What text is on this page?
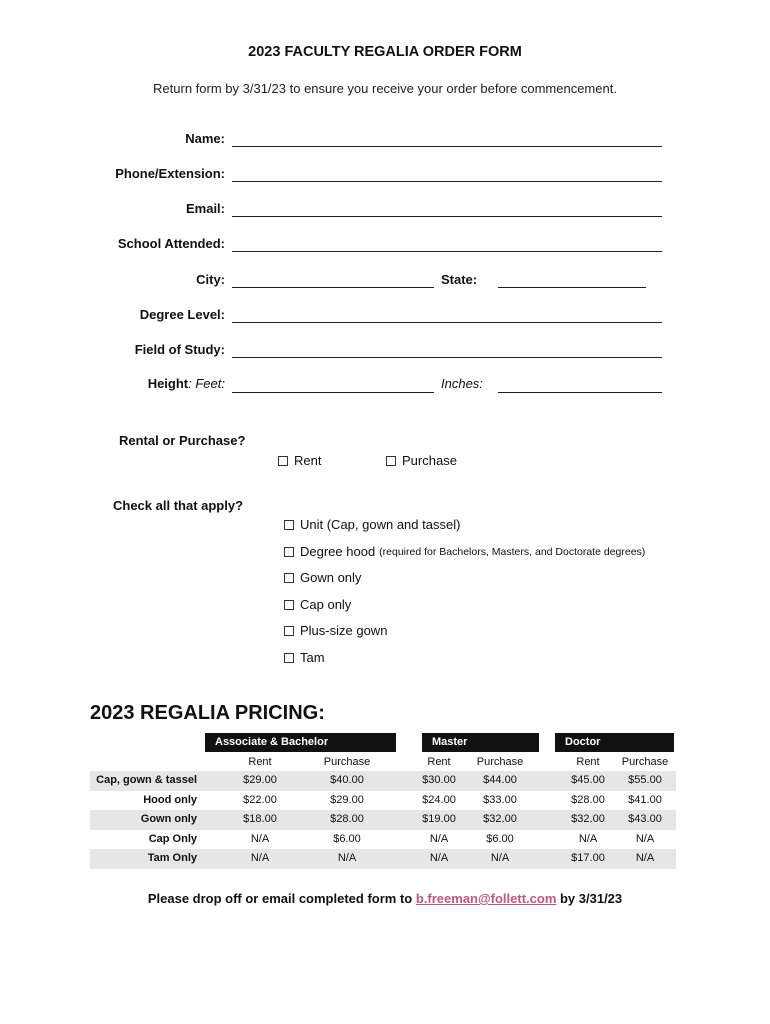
2023 FACULTY REGALIA ORDER FORM
Return form by 3/31/23 to ensure you receive your order before commencement.
Name:
Phone/Extension:
Email:
School Attended:
City:	State:
Degree Level:
Field of Study:
Height: Feet:	Inches:
Rental or Purchase?
Rent	Purchase
Check all that apply?
Unit (Cap, gown and tassel)
Degree hood (required for Bachelors, Masters, and Doctorate degrees)
Gown only
Cap only
Plus-size gown
Tam
2023 REGALIA PRICING:
Associate & Bachelor	Master	Doctor
Rent	Purchase	Rent	Purchase	Rent	Purchase
Cap, gown & tassel	$29.00	$40.00	$30.00	$44.00	$45.00	$55.00
Hood only	$22.00	$29.00	$24.00	$33.00	$28.00	$41.00
Gown only	$18.00	$28.00	$19.00	$32.00	$32.00	$43.00
Cap Only	N/A	$6.00	N/A	$6.00	N/A	N/A
Tam Only	N/A	N/A	N/A	N/A	$17.00	N/A
Please drop off or email completed form to b.freeman@follett.com by 3/31/23
